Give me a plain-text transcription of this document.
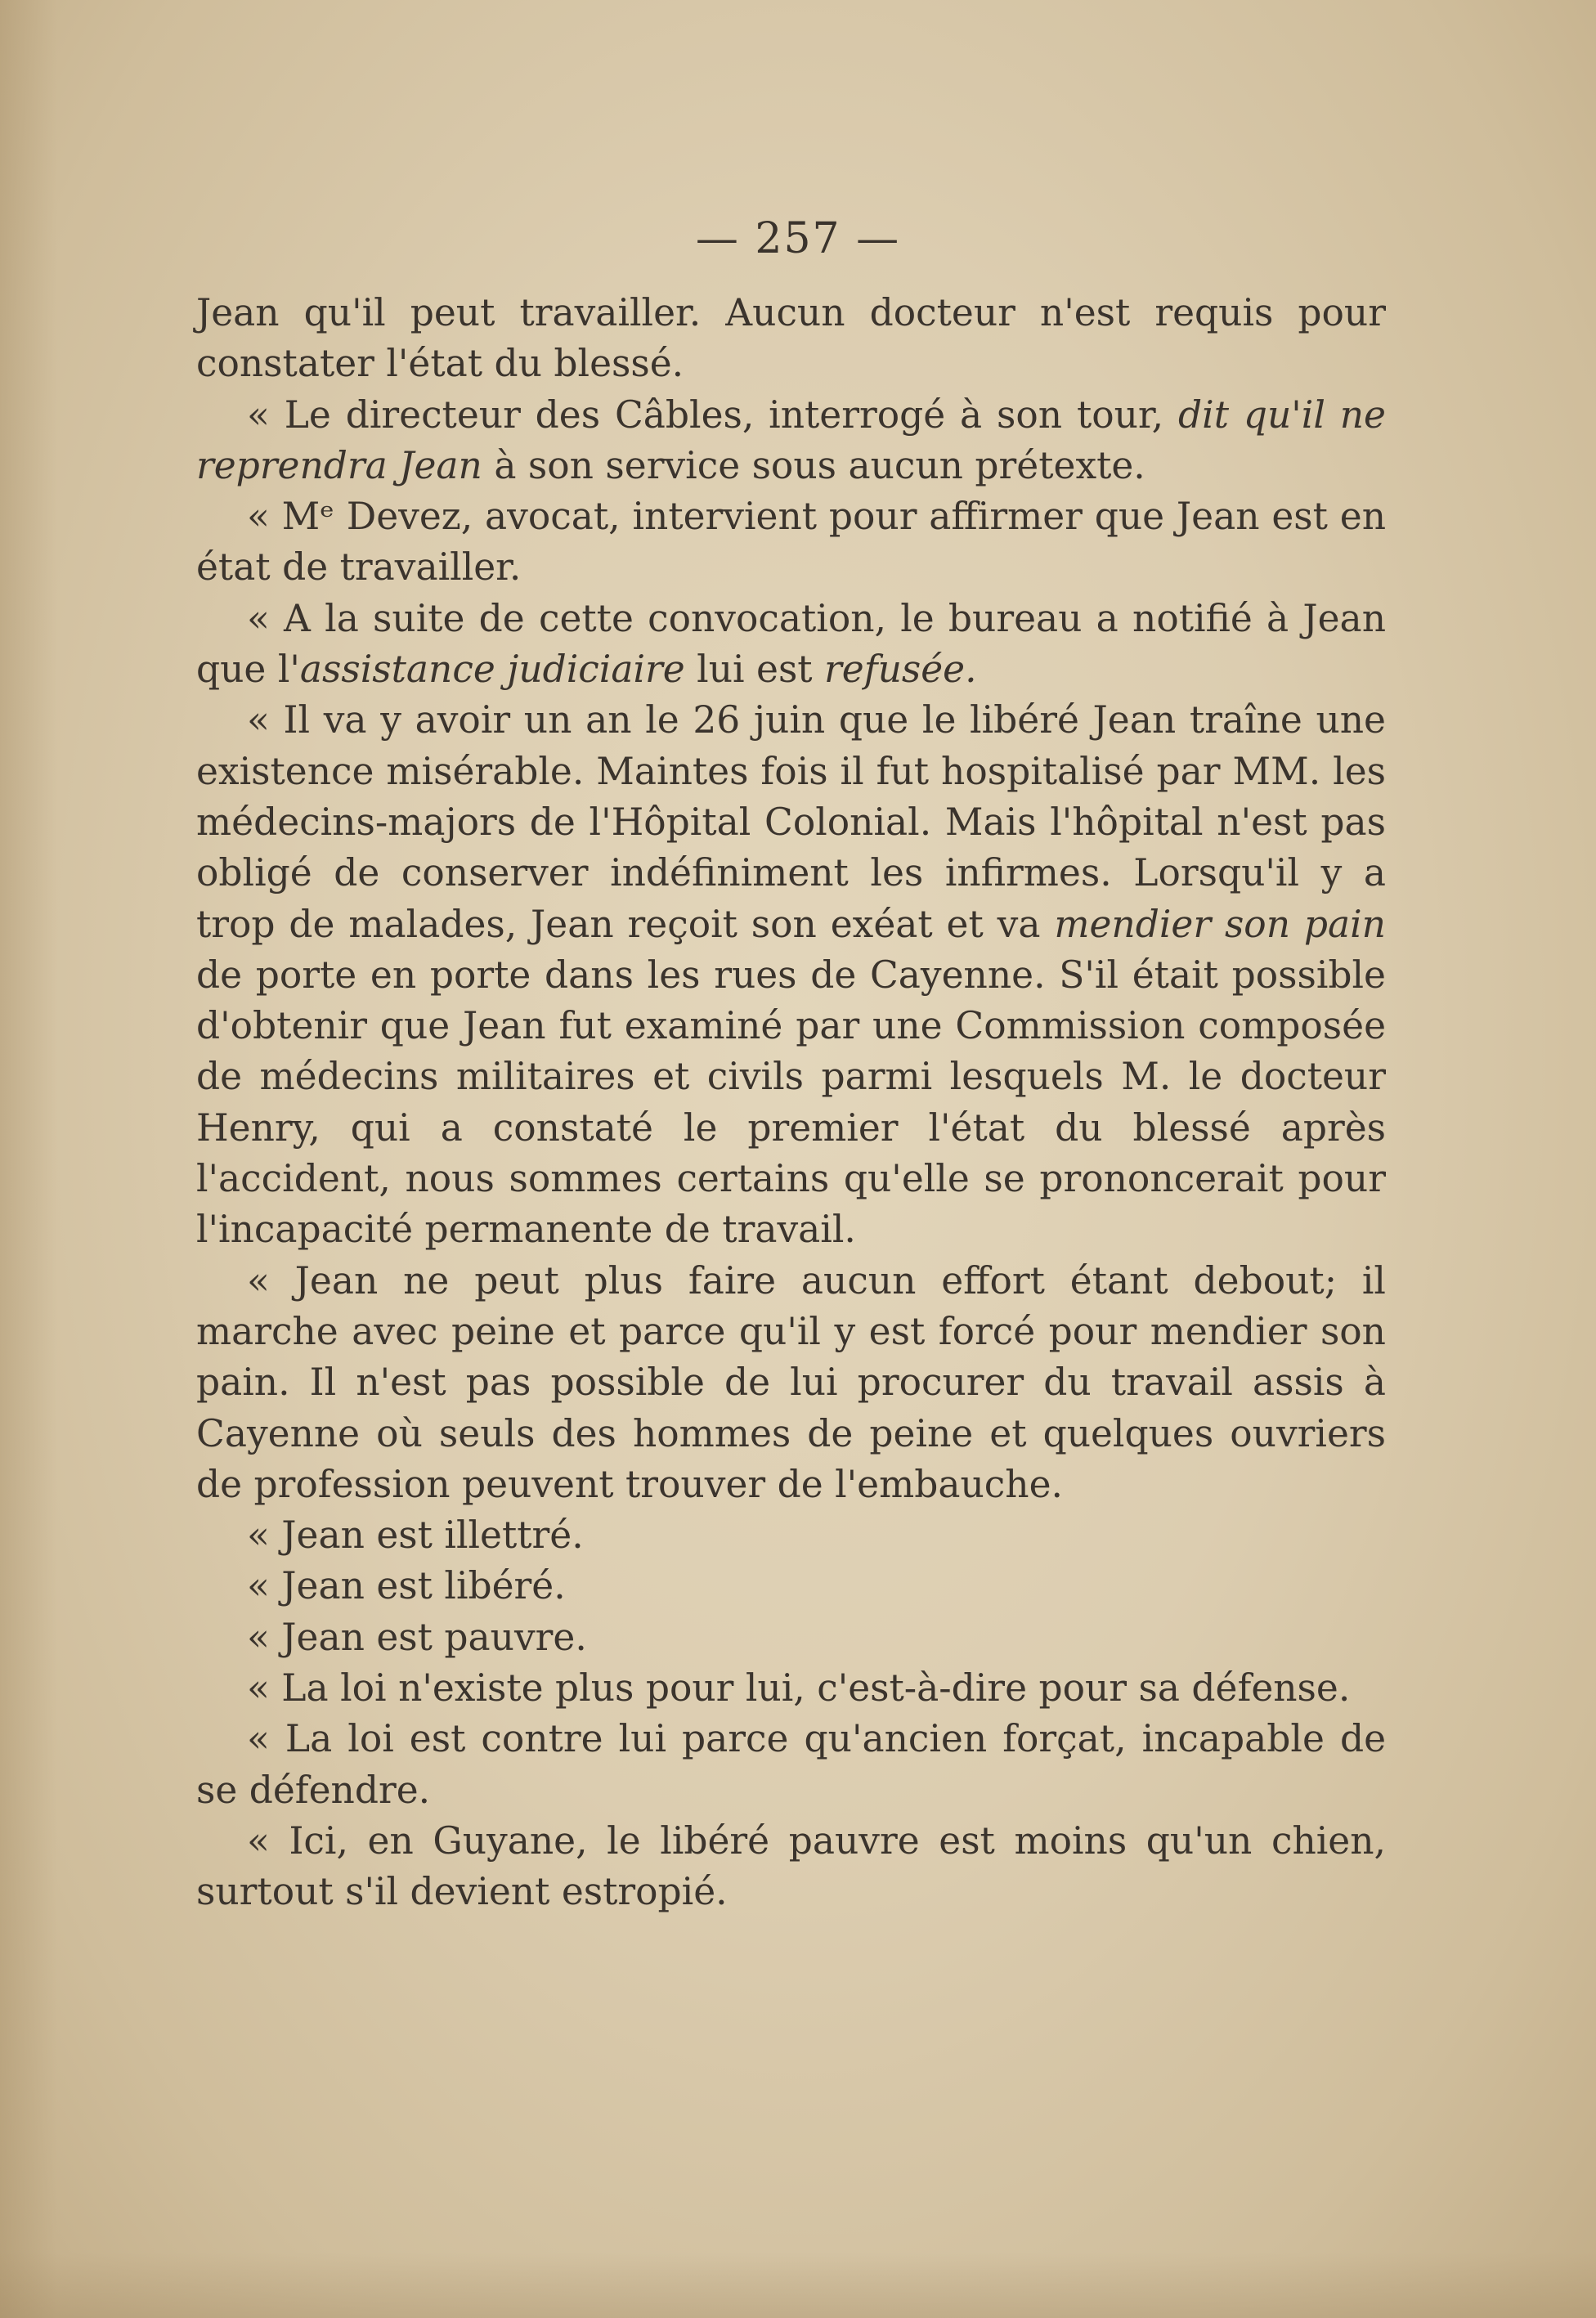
— 257 —

Jean qu'il peut travailler. Aucun docteur n'est requis pour constater l'état du blessé.

« Le directeur des Câbles, interrogé à son tour, dit qu'il ne reprendra Jean à son service sous aucun prétexte.

« Mᵉ Devez, avocat, intervient pour affirmer que Jean est en état de travailler.

« A la suite de cette convocation, le bureau a notifié à Jean que l'assistance judiciaire lui est refusée.

« Il va y avoir un an le 26 juin que le libéré Jean traîne une existence misérable. Maintes fois il fut hospitalisé par MM. les médecins-majors de l'Hôpital Colonial. Mais l'hôpital n'est pas obligé de conserver indéfiniment les infirmes. Lorsqu'il y a trop de malades, Jean reçoit son exéat et va mendier son pain de porte en porte dans les rues de Cayenne. S'il était possible d'obtenir que Jean fut examiné par une Commission composée de médecins militaires et civils parmi lesquels M. le docteur Henry, qui a constaté le premier l'état du blessé après l'accident, nous sommes certains qu'elle se prononcerait pour l'incapacité permanente de travail.

« Jean ne peut plus faire aucun effort étant debout; il marche avec peine et parce qu'il y est forcé pour mendier son pain. Il n'est pas possible de lui procurer du travail assis à Cayenne où seuls des hommes de peine et quelques ouvriers de profession peuvent trouver de l'embauche.

« Jean est illettré.

« Jean est libéré.

« Jean est pauvre.

« La loi n'existe plus pour lui, c'est-à-dire pour sa défense.

« La loi est contre lui parce qu'ancien forçat, incapable de se défendre.

« Ici, en Guyane, le libéré pauvre est moins qu'un chien, surtout s'il devient estropié.
